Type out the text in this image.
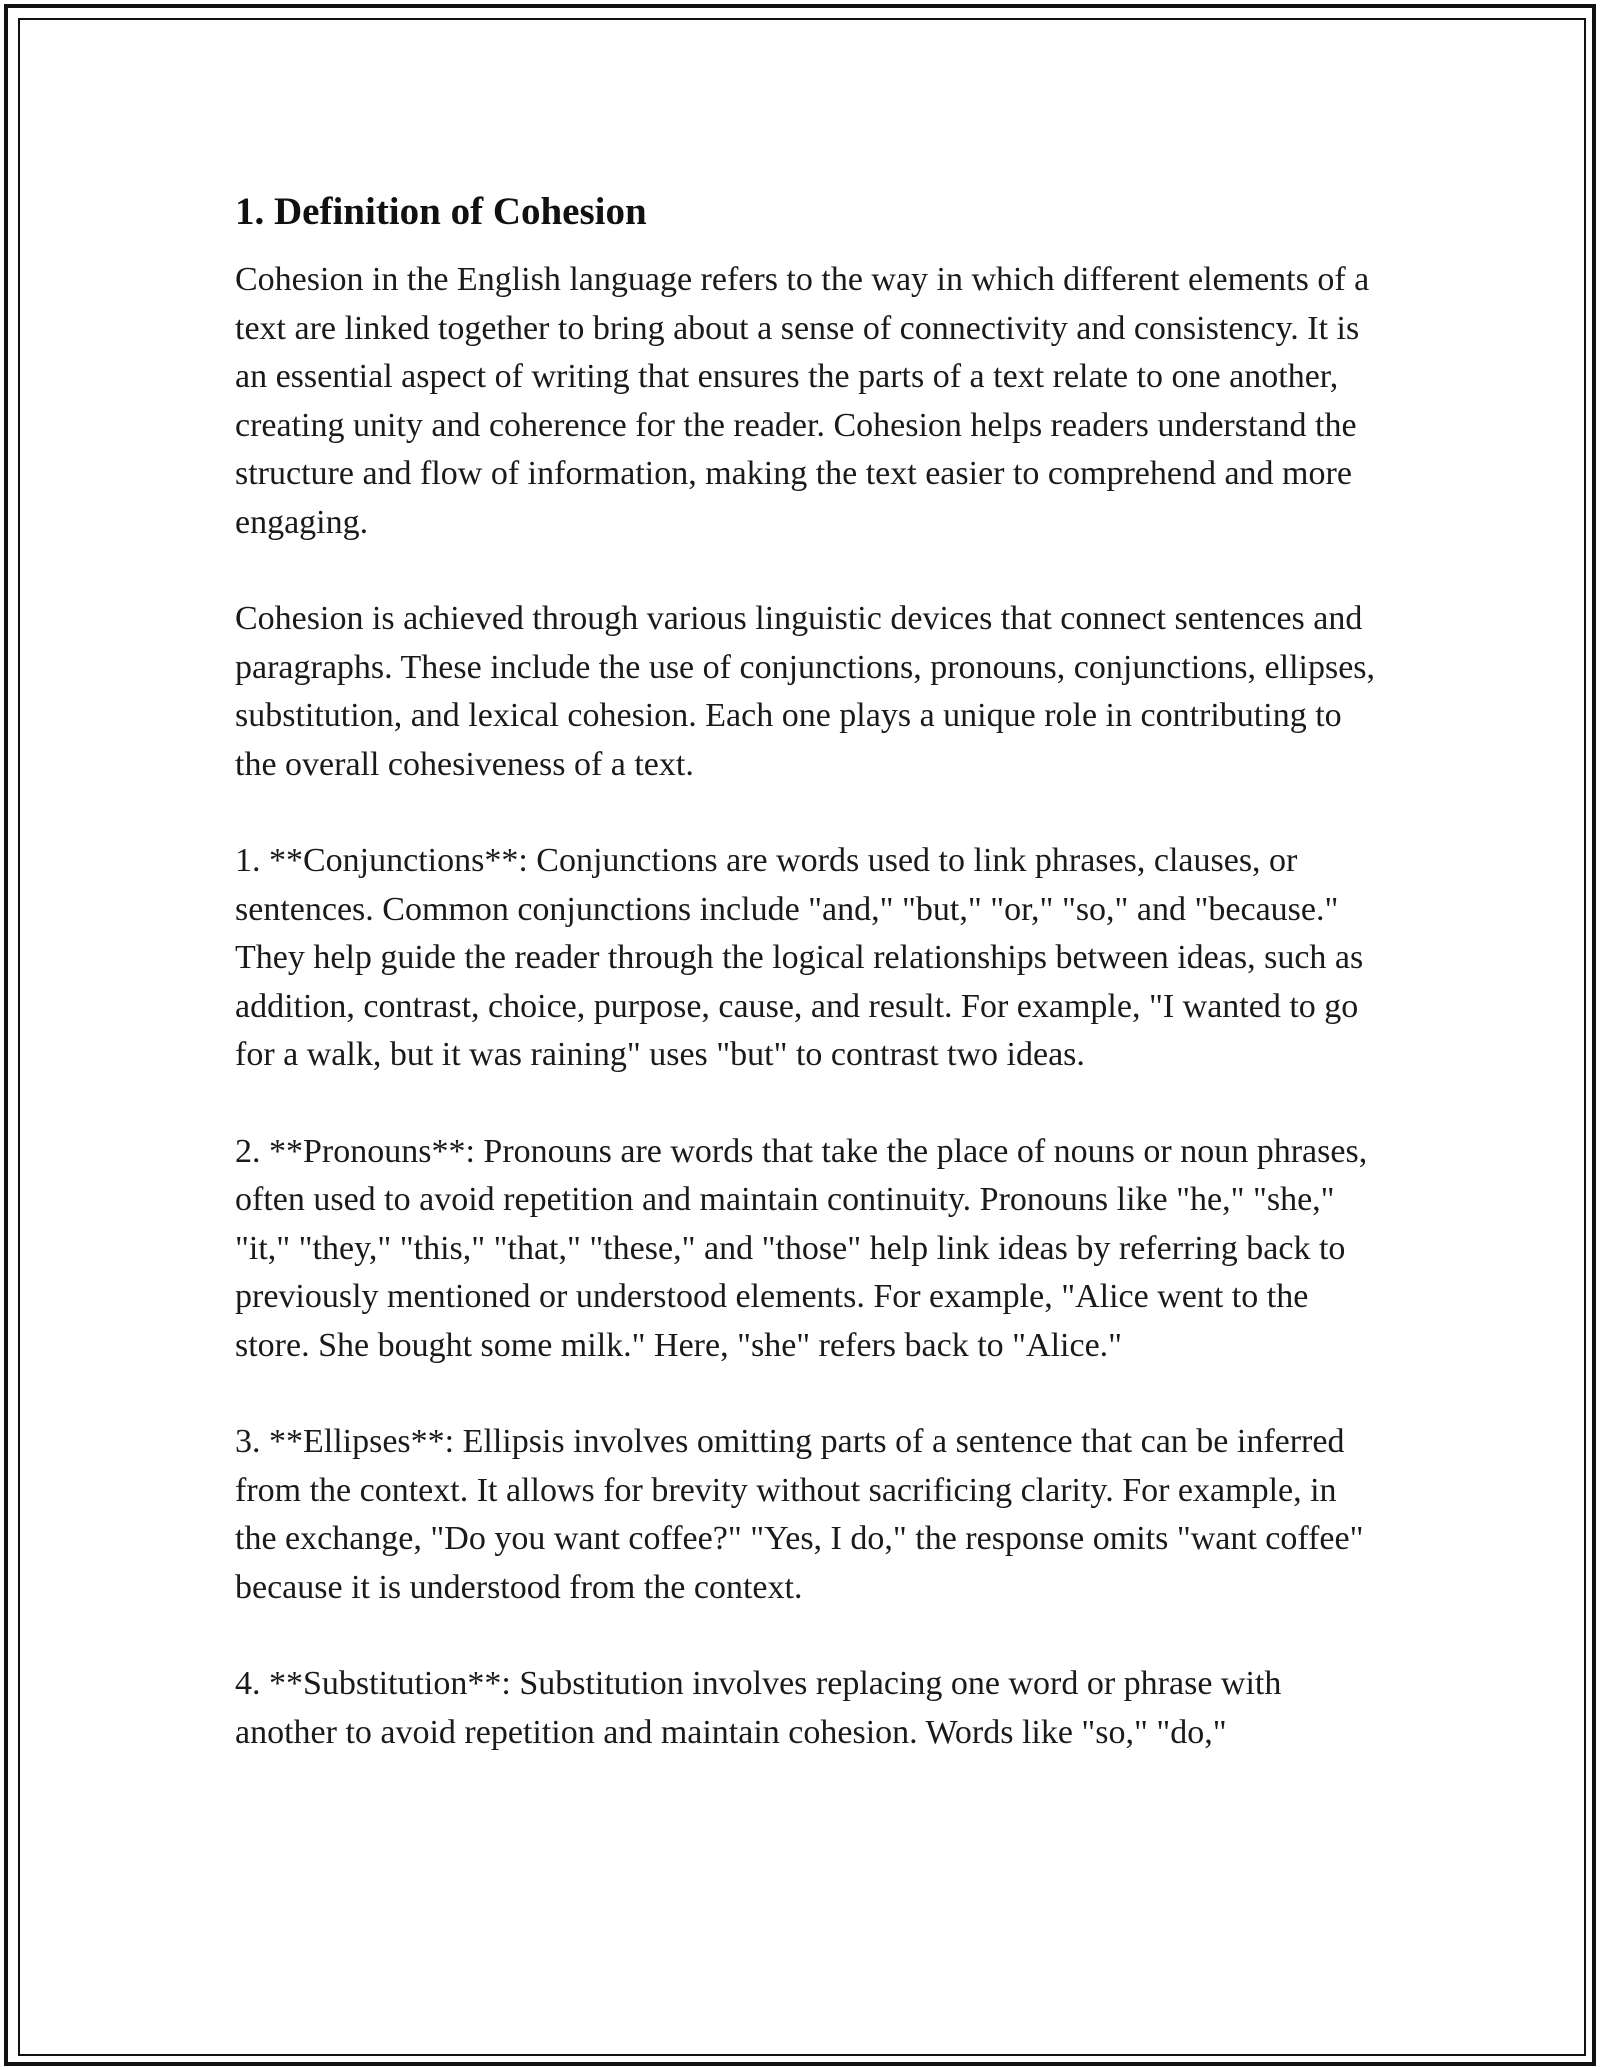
1. Definition of Cohesion

Cohesion in the English language refers to the way in which different elements of a text are linked together to bring about a sense of connectivity and consistency. It is an essential aspect of writing that ensures the parts of a text relate to one another, creating unity and coherence for the reader. Cohesion helps readers understand the structure and flow of information, making the text easier to comprehend and more engaging.

Cohesion is achieved through various linguistic devices that connect sentences and paragraphs. These include the use of conjunctions, pronouns, conjunctions, ellipses, substitution, and lexical cohesion. Each one plays a unique role in contributing to the overall cohesiveness of a text.

1. **Conjunctions**: Conjunctions are words used to link phrases, clauses, or sentences. Common conjunctions include "and," "but," "or," "so," and "because." They help guide the reader through the logical relationships between ideas, such as addition, contrast, choice, purpose, cause, and result. For example, "I wanted to go for a walk, but it was raining" uses "but" to contrast two ideas.

2. **Pronouns**: Pronouns are words that take the place of nouns or noun phrases, often used to avoid repetition and maintain continuity. Pronouns like "he," "she," "it," "they," "this," "that," "these," and "those" help link ideas by referring back to previously mentioned or understood elements. For example, "Alice went to the store. She bought some milk." Here, "she" refers back to "Alice."

3. **Ellipses**: Ellipsis involves omitting parts of a sentence that can be inferred from the context. It allows for brevity without sacrificing clarity. For example, in the exchange, "Do you want coffee?" "Yes, I do," the response omits "want coffee" because it is understood from the context.

4. **Substitution**: Substitution involves replacing one word or phrase with another to avoid repetition and maintain cohesion. Words like "so," "do,"
